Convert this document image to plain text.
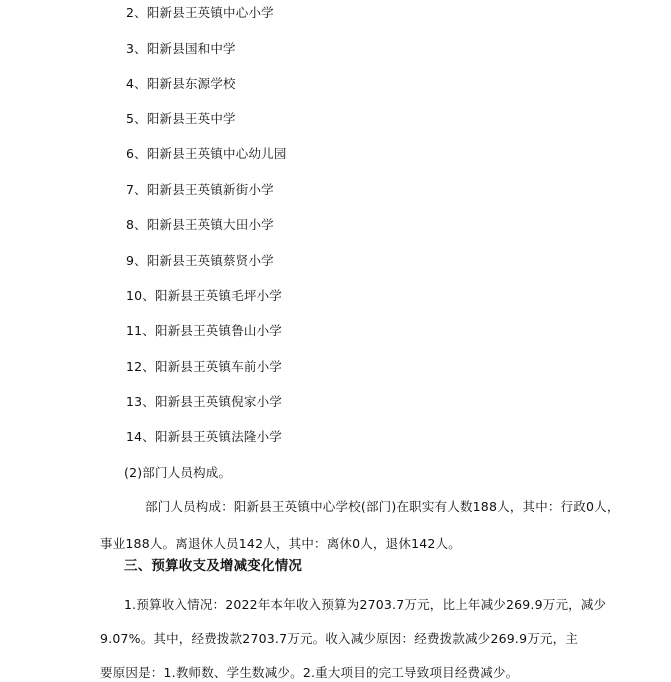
2、阳新县王英镇中心小学
3、阳新县国和中学
4、阳新县东源学校
5、阳新县王英中学
6、阳新县王英镇中心幼儿园
7、阳新县王英镇新街小学
8、阳新县王英镇大田小学
9、阳新县王英镇蔡贤小学
10、阳新县王英镇毛坪小学
11、阳新县王英镇鲁山小学
12、阳新县王英镇车前小学
13、阳新县王英镇倪家小学
14、阳新县王英镇法隆小学
(2)部门人员构成。
部门人员构成：阳新县王英镇中心学校(部门)在职实有人数188人，其中：行政0人，
事业188人。离退休人员142人，其中：离休0人，退休142人。
三、预算收支及增减变化情况
1.预算收入情况：2022年本年收入预算为2703.7万元，比上年减少269.9万元，减少
9.07%。其中，经费拨款2703.7万元。收入减少原因：经费拨款减少269.9万元，主
要原因是：1.教师数、学生数减少。2.重大项目的完工导致项目经费减少。
